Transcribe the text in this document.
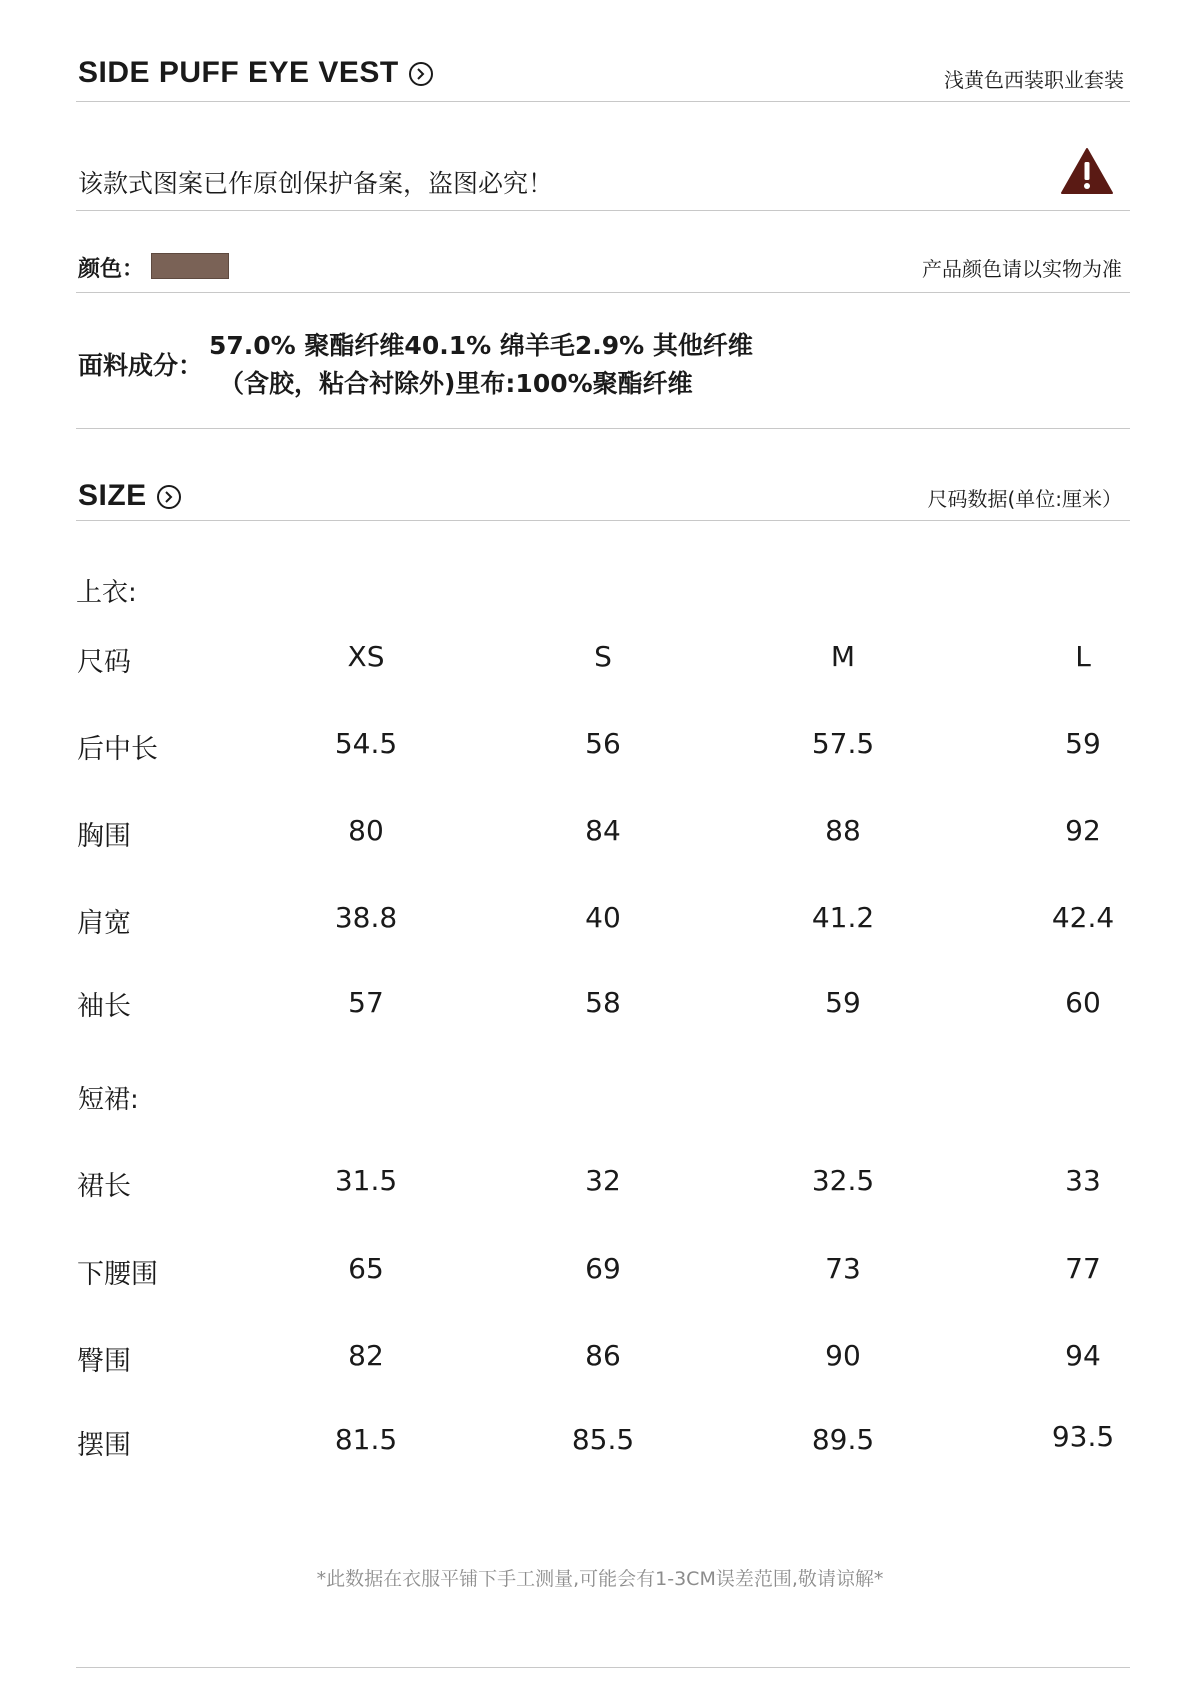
SIDE PUFF EYE VEST	浅黄色西装职业套装
该款式图案已作原创保护备案，盗图必究！
颜色：	产品颜色请以实物为准
面料成分：
57.0% 聚酯纤维40.1% 绵羊毛2.9% 其他纤维
（含胶，粘合衬除外)里布:100%聚酯纤维
SIZE	尺码数据(单位:厘米）
上衣:
尺码	XS	S	M	L
后中长	54.5	56	57.5	59
胸围	80	84	88	92
肩宽	38.8	40	41.2	42.4
袖长	57	58	59	60
短裙:
裙长	31.5	32	32.5	33
下腰围	65	69	73	77
臀围	82	86	90	94
摆围	81.5	85.5	89.5	93.5
*此数据在衣服平铺下手工测量,可能会有1-3CM误差范围,敬请谅解*
